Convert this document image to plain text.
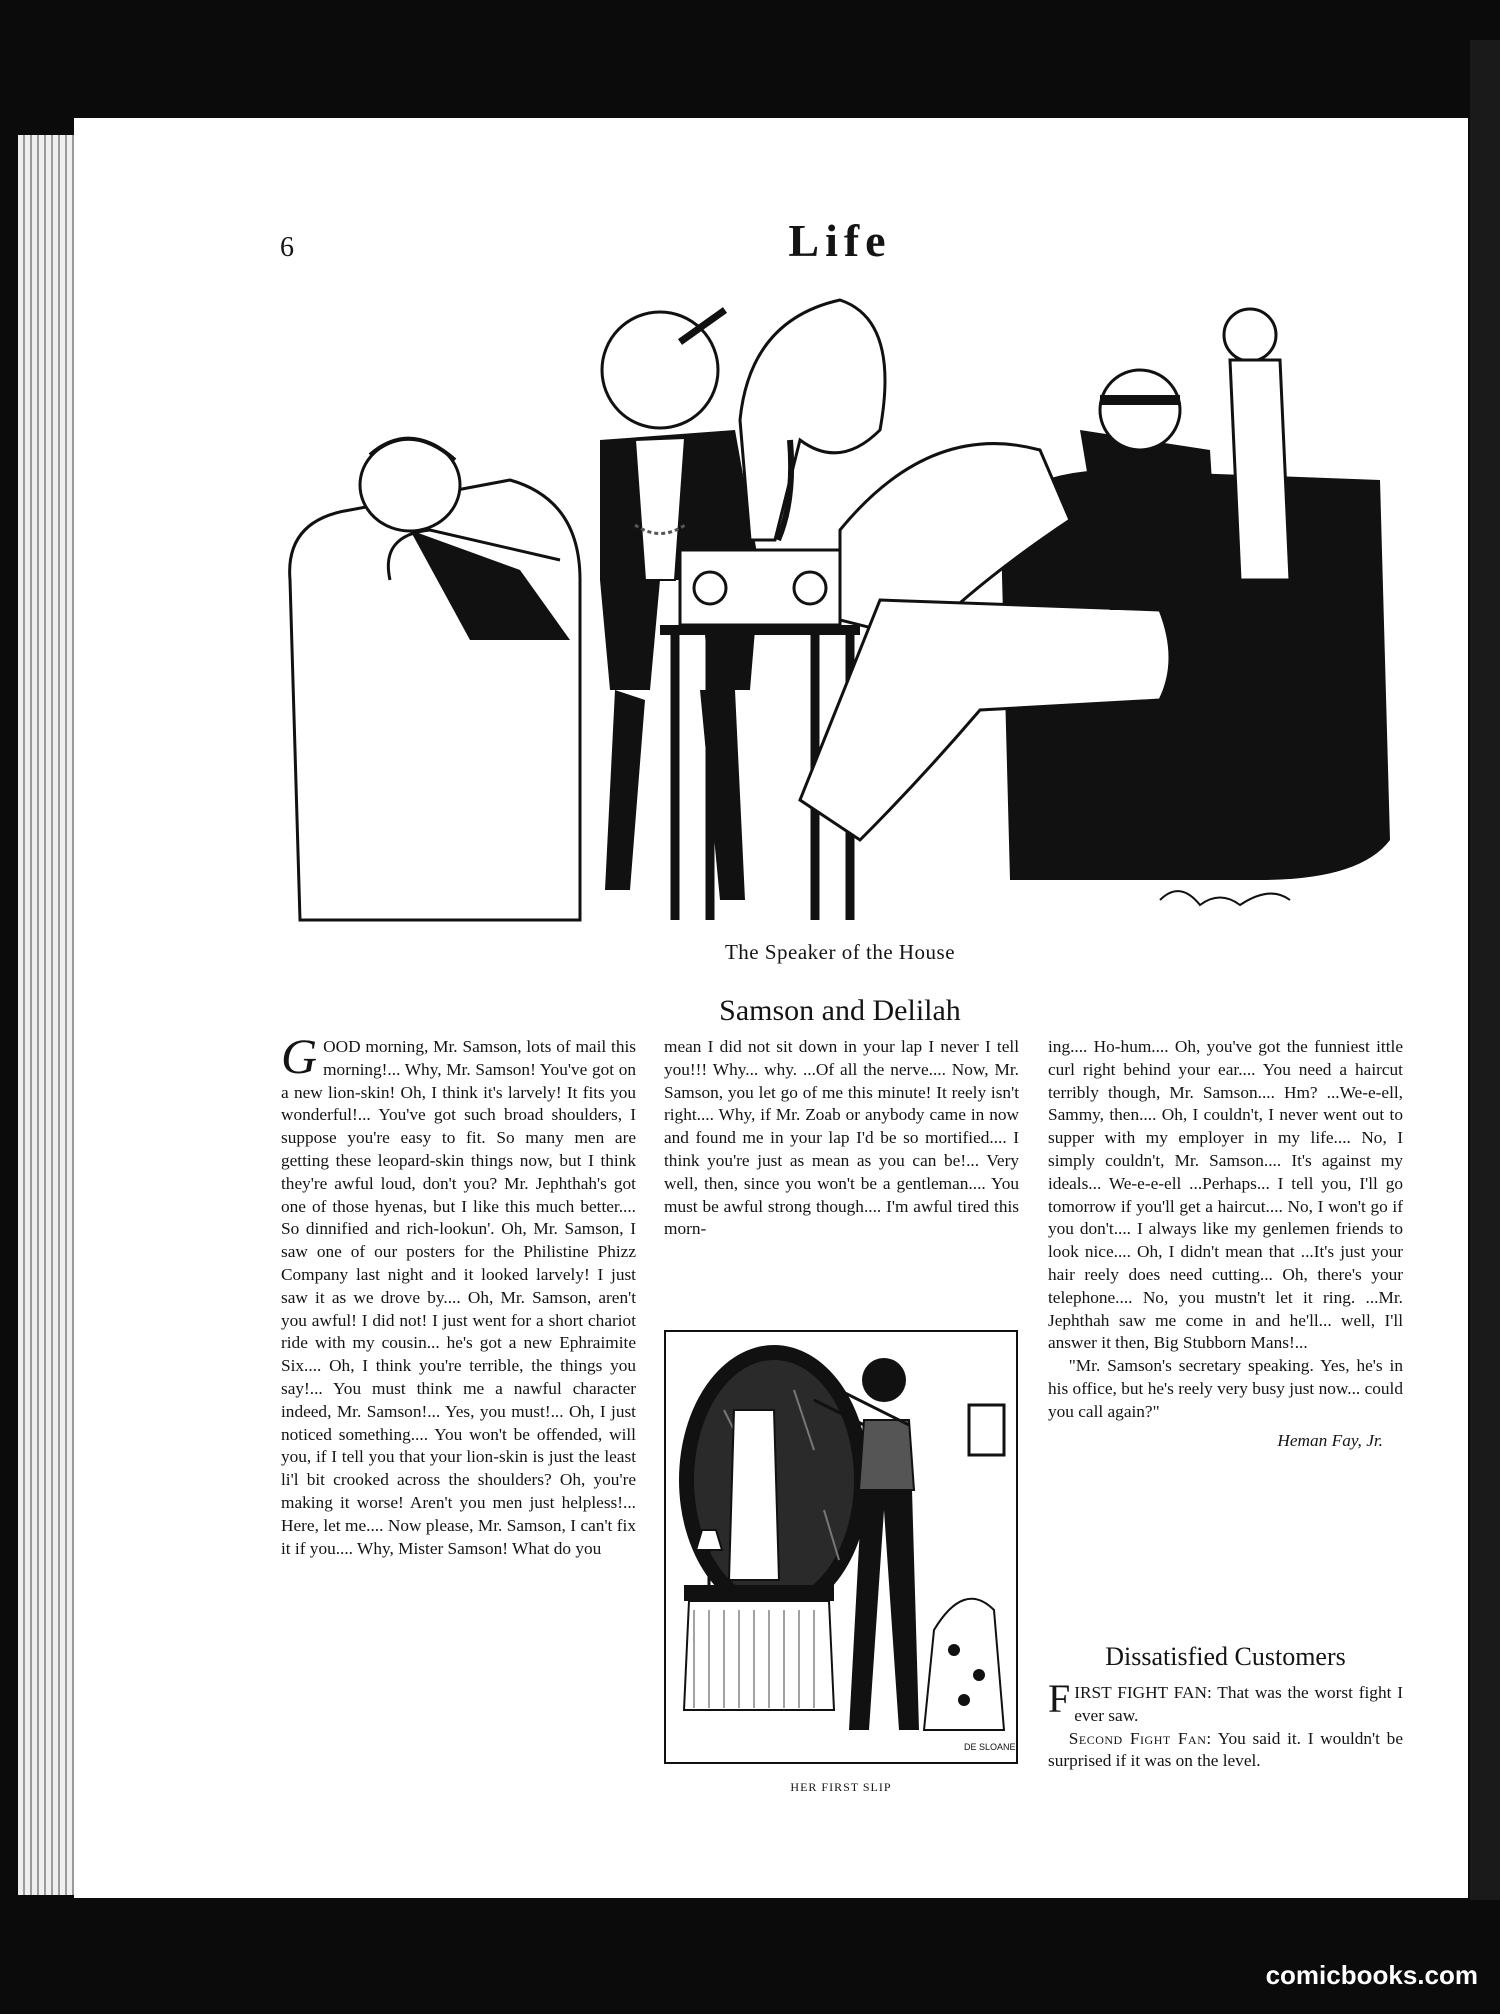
6	Life
The Speaker of the House
Samson and Delilah

GOOD morning, Mr. Samson, lots of mail this morning!... Why, Mr. Samson! You've got on a new lion-skin! Oh, I think it's larvely! It fits you wonderful!... You've got such broad shoulders, I suppose you're easy to fit. So many men are getting these leopard-skin things now, but I think they're awful loud, don't you? Mr. Jephthah's got one of those hyenas, but I like this much better.... So dinnified and rich-lookun'. Oh, Mr. Samson, I saw one of our posters for the Philistine Phizz Company last night and it looked larvely! I just saw it as we drove by.... Oh, Mr. Samson, aren't you awful! I did not! I just went for a short chariot ride with my cousin... he's got a new Ephraimite Six.... Oh, I think you're terrible, the things you say!... You must think me a nawful character indeed, Mr. Samson!... Yes, you must!... Oh, I just noticed something.... You won't be offended, will you, if I tell you that your lion-skin is just the least li'l bit crooked across the shoulders? Oh, you're making it worse! Aren't you men just helpless!... Here, let me.... Now please, Mr. Samson, I can't fix it if you.... Why, Mister Samson! What do you

mean I did not sit down in your lap I never I tell you!!! Why... why. ...Of all the nerve.... Now, Mr. Samson, you let go of me this minute! It reely isn't right.... Why, if Mr. Zoab or anybody came in now and found me in your lap I'd be so mortified.... I think you're just as mean as you can be!... Very well, then, since you won't be a gentleman.... You must be awful strong though.... I'm awful tired this morn-

ing.... Ho-hum.... Oh, you've got the funniest ittle curl right behind your ear.... You need a haircut terribly though, Mr. Samson.... Hm? ...We-e-ell, Sammy, then.... Oh, I couldn't, I never went out to supper with my employer in my life.... No, I simply couldn't, Mr. Samson.... It's against my ideals... We-e-e-ell ...Perhaps... I tell you, I'll go tomorrow if you'll get a haircut.... No, I won't go if you don't.... I always like my genlemen friends to look nice.... Oh, I didn't mean that ...It's just your hair reely does need cutting... Oh, there's your telephone.... No, you mustn't let it ring. ...Mr. Jephthah saw me come in and he'll... well, I'll answer it then, Big Stubborn Mans!...

"Mr. Samson's secretary speaking. Yes, he's in his office, but he's reely very busy just now... could you call again?"

Heman Fay, Jr.
DE SLOANE
HER FIRST SLIP
Dissatisfied Customers

FIRST FIGHT FAN: That was the worst fight I ever saw.

Second Fight Fan: You said it. I wouldn't be surprised if it was on the level.

comicbooks.com
